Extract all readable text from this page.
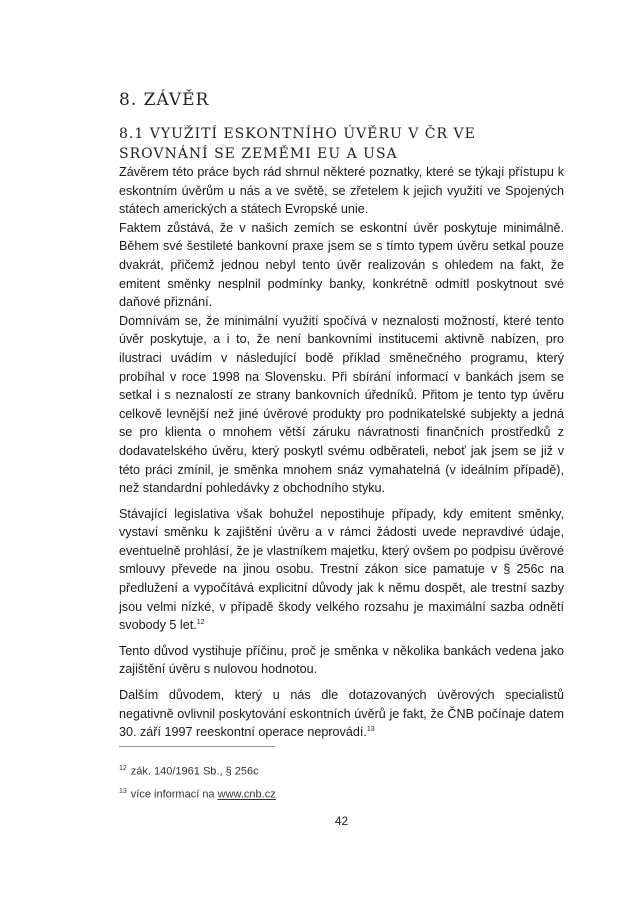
8. ZÁVĚR
8.1 VYUŽITÍ ESKONTNÍHO ÚVĚRU V ČR VE SROVNÁNÍ SE ZEMĚMI EU A USA

Závěrem této práce bych rád shrnul některé poznatky, které se týkají přístupu k eskontním úvěrům u nás a ve světě, se zřetelem k jejich využití ve Spojených státech amerických a státech Evropské unie.

Faktem zůstává, že v našich zemích se eskontní úvěr poskytuje minimálně. Během své šestileté bankovní praxe jsem se s tímto typem úvěru setkal pouze dvakrát, přičemž jednou nebyl tento úvěr realizován s ohledem na fakt, že emitent směnky nesplnil podmínky banky, konkrétně odmítl poskytnout své daňové přiznání.

Domnívám se, že minimální využití spočívá v neznalosti možností, které tento úvěr poskytuje, a i to, že není bankovními institucemi aktivně nabízen, pro ilustraci uvádím v následující bodě příklad směnečného programu, který probíhal v roce 1998 na Slovensku. Při sbírání informací v bankách jsem se setkal i s neznalostí ze strany bankovních úředníků. Přitom je tento typ úvěru celkově levnější než jiné úvěrové produkty pro podnikatelské subjekty a jedná se pro klienta o mnohem větší záruku návratnosti finančních prostředků z dodavatelského úvěru, který poskytl svému odběrateli, neboť jak jsem se již v této práci zmínil, je směnka mnohem snáz vymahatelná (v ideálním případě), než standardní pohledávky z obchodního styku.

Stávající legislativa však bohužel nepostihuje případy, kdy emitent směnky, vystaví směnku k zajištění úvěru a v rámci žádosti uvede nepravdivé údaje, eventuelně prohlásí, že je vlastníkem majetku, který ovšem po podpisu úvěrové smlouvy převede na jinou osobu. Trestní zákon sice pamatuje v § 256c na předlužení a vypočítává explicitní důvody jak k němu dospět, ale trestní sazby jsou velmi nízké, v případě škody velkého rozsahu je maximální sazba odnětí svobody 5 let.$^{12}$

Tento důvod vystihuje příčinu, proč je směnka v několika bankách vedena jako zajištění úvěru s nulovou hodnotou.

Dalším důvodem, který u nás dle dotazovaných úvěrových specialistů negativně ovlivnil poskytování eskontních úvěrů je fakt, že ČNB počínaje datem 30. září 1997 reeskontní operace neprovádí.$^{13}$

$^{12}$ zák. 140/1961 Sb., § 256c
$^{13}$ více informací na www.cnb.cz
42
